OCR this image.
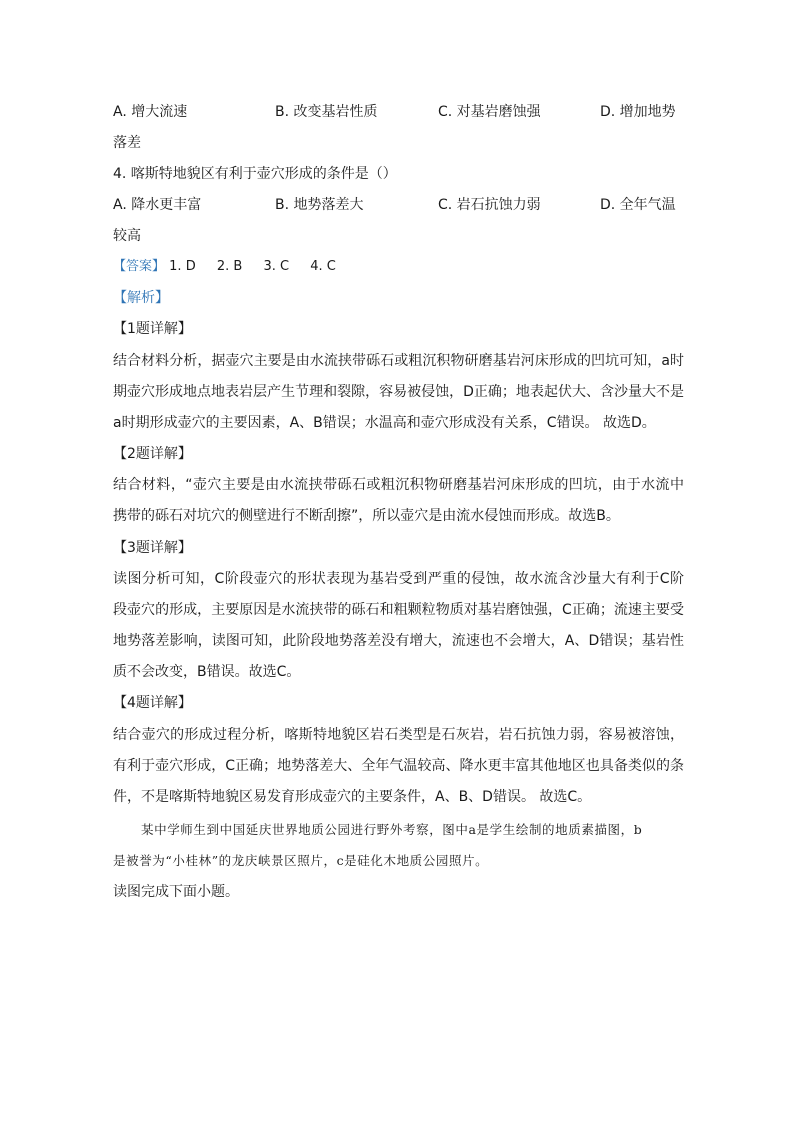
A. 增大流速	B. 改变基岩性质	C. 对基岩磨蚀强	D. 增加地势
落差
4. 喀斯特地貌区有利于壶穴形成的条件是（）
A. 降水更丰富	B. 地势落差大	C. 岩石抗蚀力弱	D. 全年气温
较高
【答案】 1. D 2. B 3. C 4. C
【解析】
【1题详解】
结合材料分析，据壶穴主要是由水流挟带砾石或粗沉积物研磨基岩河床形成的凹坑可知，a时
期壶穴形成地点地表岩层产生节理和裂隙，容易被侵蚀，D正确；地表起伏大、含沙量大不是
a时期形成壶穴的主要因素，A、B错误；水温高和壶穴形成没有关系，C错误。 故选D。
【2题详解】
结合材料，“壶穴主要是由水流挟带砾石或粗沉积物研磨基岩河床形成的凹坑，由于水流中
携带的砾石对坑穴的侧壁进行不断刮擦”，所以壶穴是由流水侵蚀而形成。故选B。
【3题详解】
读图分析可知，C阶段壶穴的形状表现为基岩受到严重的侵蚀，故水流含沙量大有利于C阶
段壶穴的形成，主要原因是水流挟带的砾石和粗颗粒物质对基岩磨蚀强，C正确；流速主要受
地势落差影响，读图可知，此阶段地势落差没有增大，流速也不会增大，A、D错误；基岩性
质不会改变，B错误。故选C。
【4题详解】
结合壶穴的形成过程分析，喀斯特地貌区岩石类型是石灰岩，岩石抗蚀力弱，容易被溶蚀，
有利于壶穴形成，C正确；地势落差大、全年气温较高、降水更丰富其他地区也具备类似的条
件，不是喀斯特地貌区易发育形成壶穴的主要条件，A、B、D错误。 故选C。
某中学师生到中国延庆世界地质公园进行野外考察，图中a是学生绘制的地质素描图，b
是被誉为“小桂林”的龙庆峡景区照片，c是硅化木地质公园照片。
读图完成下面小题。
